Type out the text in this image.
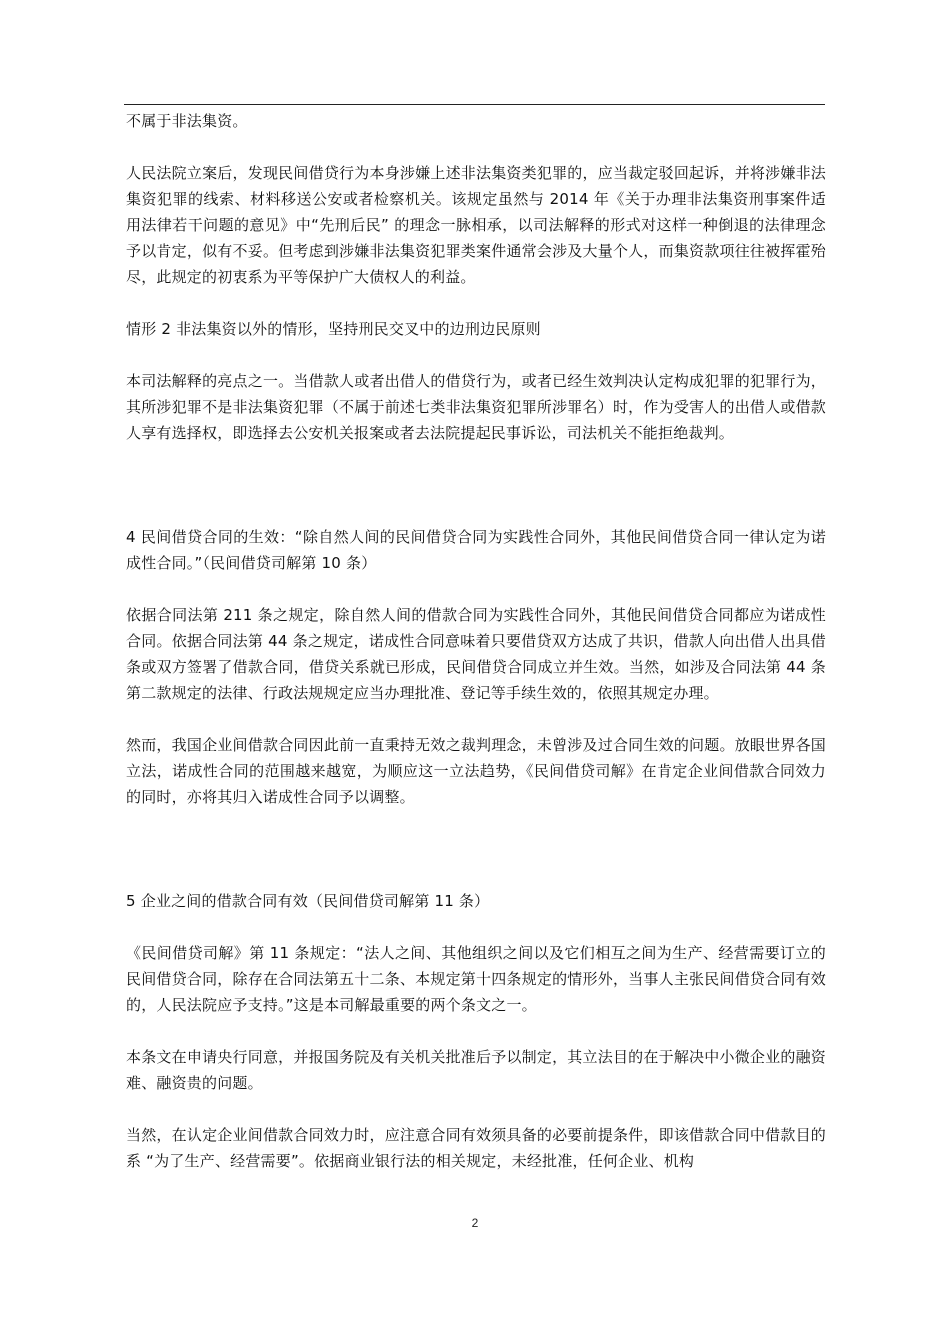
不属于非法集资。

人民法院立案后，发现民间借贷行为本身涉嫌上述非法集资类犯罪的，应当裁定驳回起诉，并将涉嫌非法集资犯罪的线索、材料移送公安或者检察机关。该规定虽然与 2014 年《关于办理非法集资刑事案件适用法律若干问题的意见》中“先刑后民” 的理念一脉相承，以司法解释的形式对这样一种倒退的法律理念予以肯定，似有不妥。但考虑到涉嫌非法集资犯罪类案件通常会涉及大量个人，而集资款项往往被挥霍殆尽，此规定的初衷系为平等保护广大债权人的利益。

情形 2 非法集资以外的情形，坚持刑民交叉中的边刑边民原则

本司法解释的亮点之一。当借款人或者出借人的借贷行为，或者已经生效判决认定构成犯罪的犯罪行为，其所涉犯罪不是非法集资犯罪（不属于前述七类非法集资犯罪所涉罪名）时，作为受害人的出借人或借款人享有选择权，即选择去公安机关报案或者去法院提起民事诉讼，司法机关不能拒绝裁判。

4 民间借贷合同的生效：“除自然人间的民间借贷合同为实践性合同外，其他民间借贷合同一律认定为诺成性合同。”（民间借贷司解第 10 条）

依据合同法第 211 条之规定，除自然人间的借款合同为实践性合同外，其他民间借贷合同都应为诺成性合同。依据合同法第 44 条之规定，诺成性合同意味着只要借贷双方达成了共识，借款人向出借人出具借条或双方签署了借款合同，借贷关系就已形成，民间借贷合同成立并生效。当然，如涉及合同法第 44 条第二款规定的法律、行政法规规定应当办理批准、登记等手续生效的，依照其规定办理。

然而，我国企业间借款合同因此前一直秉持无效之裁判理念，未曾涉及过合同生效的问题。放眼世界各国立法，诺成性合同的范围越来越宽，为顺应这一立法趋势，《民间借贷司解》在肯定企业间借款合同效力的同时，亦将其归入诺成性合同予以调整。

5 企业之间的借款合同有效（民间借贷司解第 11 条）

《民间借贷司解》第 11 条规定：“法人之间、其他组织之间以及它们相互之间为生产、经营需要订立的民间借贷合同，除存在合同法第五十二条、本规定第十四条规定的情形外，当事人主张民间借贷合同有效的，人民法院应予支持。”这是本司解最重要的两个条文之一。

本条文在申请央行同意，并报国务院及有关机关批准后予以制定，其立法目的在于解决中小微企业的融资难、融资贵的问题。

当然，在认定企业间借款合同效力时，应注意合同有效须具备的必要前提条件，即该借款合同中借款目的系 “为了生产、经营需要”。依据商业银行法的相关规定，未经批准，任何企业、机构

2
